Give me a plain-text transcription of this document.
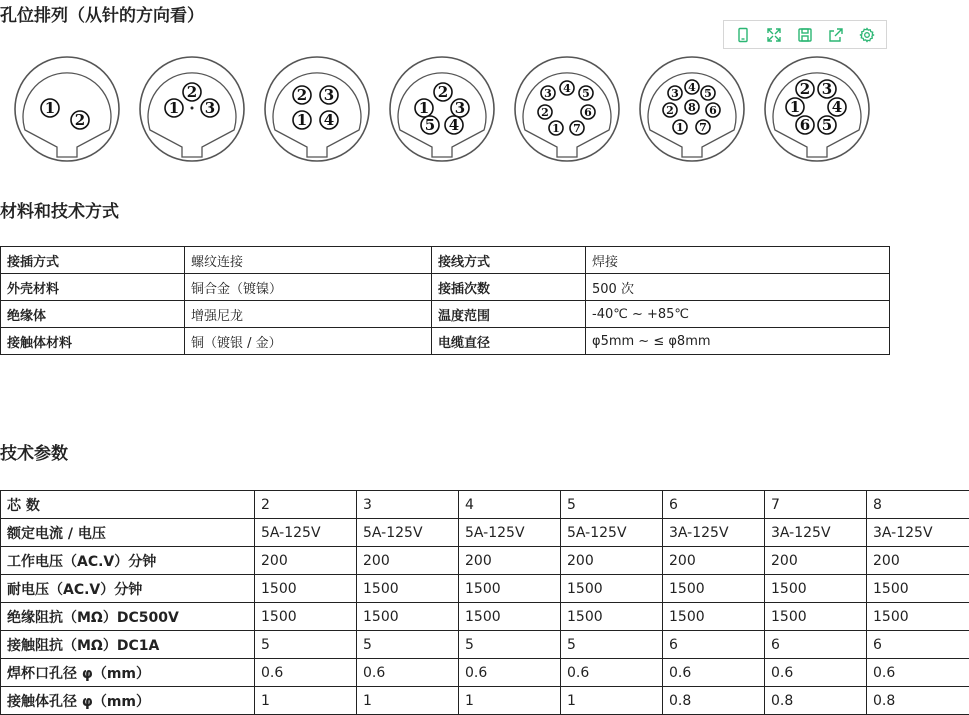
孔位排列（从针的方向看）
1
2
2
1 3
2 3
1 4
2
1 3
5 4
3 4 5
2	6
1 7
3 4 5
2 8 6
1 7
2 3
1 4
6 5
材料和技术方式
接插方式	螺纹连接	接线方式	焊接
外壳材料	铜合金（镀镍）	接插次数	500 次
绝缘体	增强尼龙	温度范围	-40℃ ~ +85℃
接触体材料	铜（镀银 / 金）	电缆直径	φ5mm ~ ≤ φ8mm
技术参数
芯 数	2	3	4	5	6	7	8
额定电流 / 电压	5A-125V	5A-125V	5A-125V	5A-125V	3A-125V	3A-125V	3A-125V
工作电压（AC.V）分钟	200	200	200	200	200	200	200
耐电压（AC.V）分钟	1500	1500	1500	1500	1500	1500	1500
绝缘阻抗（MΩ）DC500V	1500	1500	1500	1500	1500	1500	1500
接触阻抗（MΩ）DC1A	5	5	5	5	6	6	6
焊杯口孔径 φ（mm）	0.6	0.6	0.6	0.6	0.6	0.6	0.6
接触体孔径 φ（mm）	1	1	1	1	0.8	0.8	0.8
